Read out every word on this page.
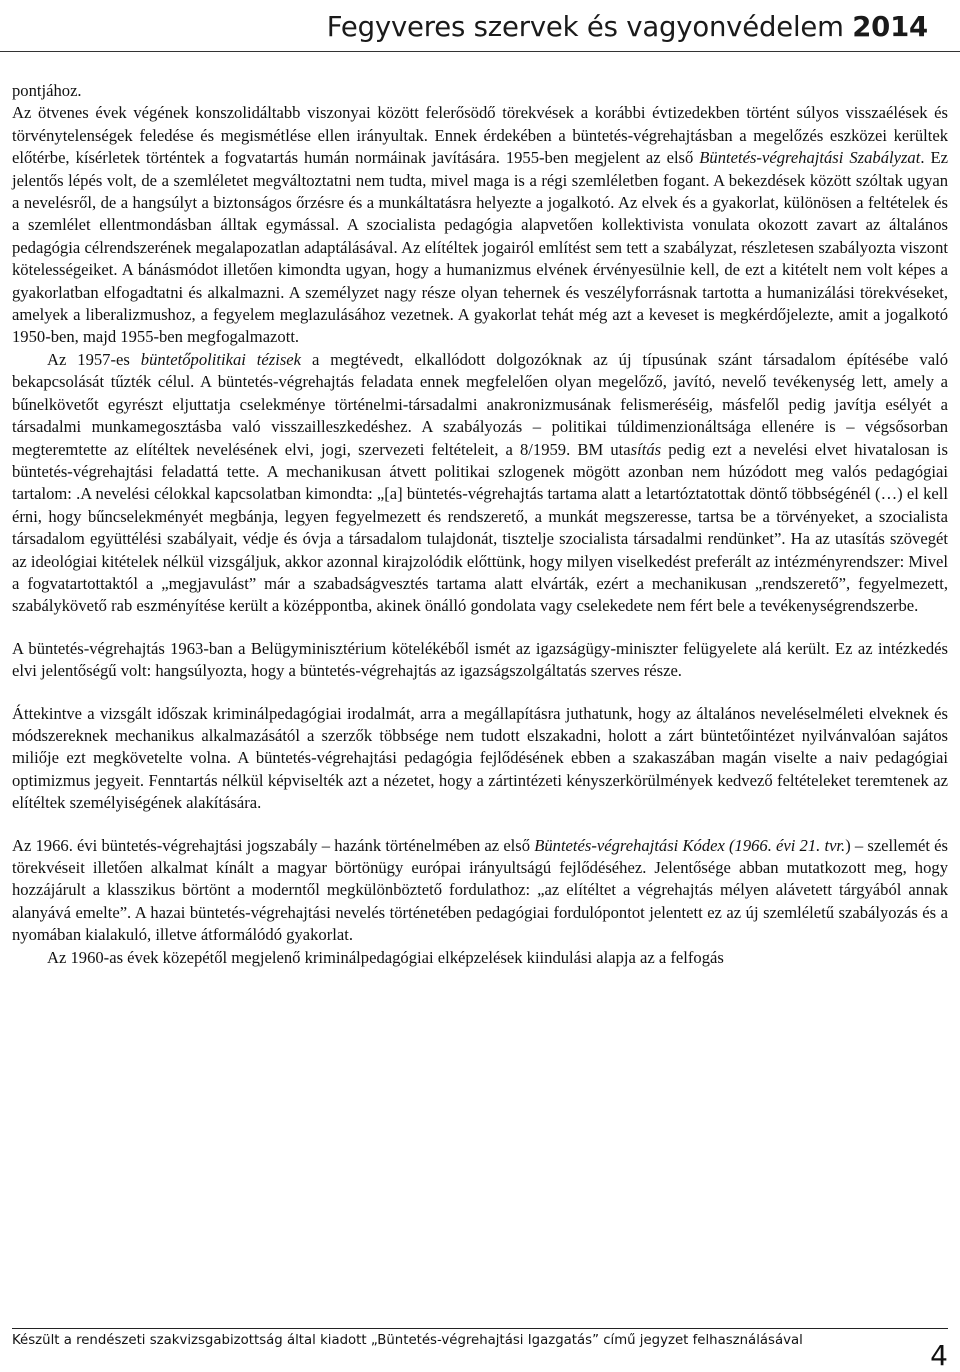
Fegyveres szervek és vagyonvédelem 2014

pontjához.

Az ötvenes évek végének konszolidáltabb viszonyai között felerősödő törekvések a korábbi évtizedekben történt súlyos visszaélések és törvénytelenségek feledése és megismétlése ellen irányultak. Ennek érdekében a büntetés-végrehajtásban a megelőzés eszközei kerültek előtérbe, kísérletek történtek a fogvatartás humán normáinak javítására. 1955-ben megjelent az első Büntetés-végrehajtási Szabályzat. Ez jelentős lépés volt, de a szemléletet megváltoztatni nem tudta, mivel maga is a régi szemléletben fogant. A bekezdések között szóltak ugyan a nevelésről, de a hangsúlyt a biztonságos őrzésre és a munkáltatásra helyezte a jogalkotó. Az elvek és a gyakorlat, különösen a feltételek és a szemlélet ellentmondásban álltak egymással. A szocialista pedagógia alapvetően kollektivista vonulata okozott zavart az általános pedagógia célrendszerének megalapozatlan adaptálásával. Az elítéltek jogairól említést sem tett a szabályzat, részletesen szabályozta viszont kötelességeiket. A bánásmódot illetően kimondta ugyan, hogy a humanizmus elvének érvényesülnie kell, de ezt a kitételt nem volt képes a gyakorlatban elfogadtatni és alkalmazni. A személyzet nagy része olyan tehernek és veszélyforrásnak tartotta a humanizálási törekvéseket, amelyek a liberalizmushoz, a fegyelem meglazulásához vezetnek. A gyakorlat tehát még azt a keveset is megkérdőjelezte, amit a jogalkotó 1950-ben, majd 1955-ben megfogalmazott.

Az 1957-es büntetőpolitikai tézisek a megtévedt, elkallódott dolgozóknak az új típusúnak szánt társadalom építésébe való bekapcsolását tűzték célul. A büntetés-végrehajtás feladata ennek megfelelően olyan megelőző, javító, nevelő tevékenység lett, amely a bűnelkövetőt egyrészt eljuttatja cselekménye történelmi-társadalmi anakronizmusának felismeréséig, másfelől pedig javítja esélyét a társadalmi munkamegosztásba való visszailleszkedéshez. A szabályozás – politikai túldimenzionáltsága ellenére is – végsősorban megteremtette az elítéltek nevelésének elvi, jogi, szervezeti feltételeit, a 8/1959. BM utasítás pedig ezt a nevelési elvet hivatalosan is büntetés-végrehajtási feladattá tette. A mechanikusan átvett politikai szlogenek mögött azonban nem húzódott meg valós pedagógiai tartalom: .A nevelési célokkal kapcsolatban kimondta: „[a] büntetés-végrehajtás tartama alatt a letartóztatottak döntő többségénél (…) el kell érni, hogy bűncselekményét megbánja, legyen fegyelmezett és rendszerető, a munkát megszeresse, tartsa be a törvényeket, a szocialista társadalom együttélési szabályait, védje és óvja a társadalom tulajdonát, tisztelje szocialista társadalmi rendünket”. Ha az utasítás szövegét az ideológiai kitételek nélkül vizsgáljuk, akkor azonnal kirajzolódik előttünk, hogy milyen viselkedést preferált az intézményrendszer: Mivel a fogvatartottaktól a „megjavulást” már a szabadságvesztés tartama alatt elvárták, ezért a mechanikusan „rendszerető”, fegyelmezett, szabálykövető rab eszményítése került a középpontba, akinek önálló gondolata vagy cselekedete nem fért bele a tevékenységrendszerbe.

A büntetés-végrehajtás 1963-ban a Belügyminisztérium kötelékéből ismét az igazságügy-miniszter felügyelete alá került. Ez az intézkedés elvi jelentőségű volt: hangsúlyozta, hogy a büntetés-végrehajtás az igazságszolgáltatás szerves része.

Áttekintve a vizsgált időszak kriminálpedagógiai irodalmát, arra a megállapításra juthatunk, hogy az általános neveléselméleti elveknek és módszereknek mechanikus alkalmazásától a szerzők többsége nem tudott elszakadni, holott a zárt büntetőintézet nyilvánvalóan sajátos miliője ezt megkövetelte volna. A büntetés-végrehajtási pedagógia fejlődésének ebben a szakaszában magán viselte a naiv pedagógiai optimizmus jegyeit. Fenntartás nélkül képviselték azt a nézetet, hogy a zártintézeti kényszerkörülmények kedvező feltételeket teremtenek az elítéltek személyiségének alakítására.

Az 1966. évi büntetés-végrehajtási jogszabály – hazánk történelmében az első Büntetés-végrehajtási Kódex (1966. évi 21. tvr.) – szellemét és törekvéseit illetően alkalmat kínált a magyar börtönügy európai irányultságú fejlődéséhez. Jelentősége abban mutatkozott meg, hogy hozzájárult a klasszikus börtönt a moderntől megkülönböztető fordulathoz: „az elítéltet a végrehajtás mélyen alávetett tárgyából annak alanyává emelte”. A hazai büntetés-végrehajtási nevelés történetében pedagógiai fordulópontot jelentett ez az új szemléletű szabályozás és a nyomában kialakuló, illetve átformálódó gyakorlat.

Az 1960-as évek közepétől megjelenő kriminálpedagógiai elképzelések kiindulási alapja az a felfogás

Készült a rendészeti szakvizsgabizottság által kiadott „Büntetés-végrehajtási Igazgatás” című jegyzet felhasználásával	4
